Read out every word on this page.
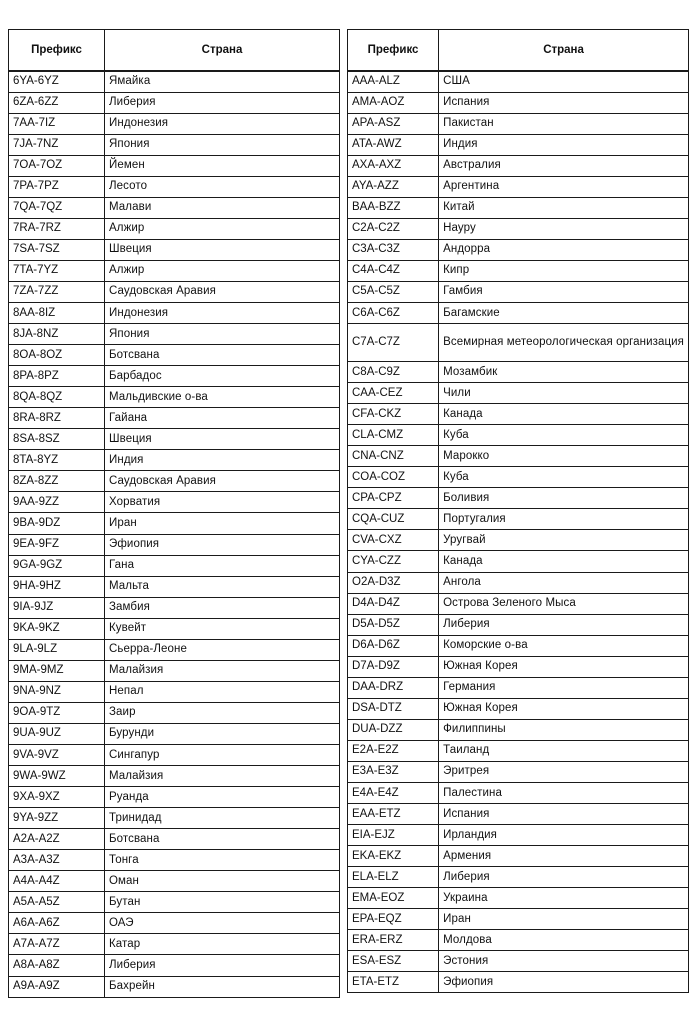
Префикс	Страна
6YA-6YZ	Ямайка
6ZA-6ZZ	Либерия
7AA-7IZ	Индонезия
7JA-7NZ	Япония
7OA-7OZ	Йемен
7PA-7PZ	Лесото
7QA-7QZ	Малави
7RA-7RZ	Алжир
7SA-7SZ	Швеция
7TA-7YZ	Алжир
7ZA-7ZZ	Саудовская Аравия
8AA-8IZ	Индонезия
8JA-8NZ	Япония
8OA-8OZ	Ботсвана
8PA-8PZ	Барбадос
8QA-8QZ	Мальдивские о-ва
8RA-8RZ	Гайана
8SA-8SZ	Швеция
8TA-8YZ	Индия
8ZA-8ZZ	Саудовская Аравия
9AA-9ZZ	Хорватия
9BA-9DZ	Иран
9EA-9FZ	Эфиопия
9GA-9GZ	Гана
9HA-9HZ	Мальта
9IA-9JZ	Замбия
9KA-9KZ	Кувейт
9LA-9LZ	Сьерра-Леоне
9MA-9MZ	Малайзия
9NA-9NZ	Непал
9OA-9TZ	Заир
9UA-9UZ	Бурунди
9VA-9VZ	Сингапур
9WA-9WZ	Малайзия
9XA-9XZ	Руанда
9YA-9ZZ	Тринидад
A2A-A2Z	Ботсвана
A3A-A3Z	Тонга
A4A-A4Z	Оман
A5A-A5Z	Бутан
A6A-A6Z	ОАЭ
A7A-A7Z	Катар
A8A-A8Z	Либерия
A9A-A9Z	Бахрейн
Префикс	Страна
AAA-ALZ	США
AMA-AOZ	Испания
APA-ASZ	Пакистан
ATA-AWZ	Индия
AXA-AXZ	Австралия
AYA-AZZ	Аргентина
BAA-BZZ	Китай
C2A-C2Z	Науру
C3A-C3Z	Андорра
C4A-C4Z	Кипр
C5A-C5Z	Гамбия
C6A-C6Z	Багамские
C7A-C7Z	Всемирная метеорологическая организация
C8A-C9Z	Мозамбик
CAA-CEZ	Чили
CFA-CKZ	Канада
CLA-CMZ	Куба
CNA-CNZ	Марокко
COA-COZ	Куба
CPA-CPZ	Боливия
CQA-CUZ	Португалия
CVA-CXZ	Уругвай
CYA-CZZ	Канада
O2A-D3Z	Ангола
D4A-D4Z	Острова Зеленого Мыса
D5A-D5Z	Либерия
D6A-D6Z	Коморские о-ва
D7A-D9Z	Южная Корея
DAA-DRZ	Германия
DSA-DTZ	Южная Корея
DUA-DZZ	Филиппины
E2A-E2Z	Таиланд
E3A-E3Z	Эритрея
E4A-E4Z	Палестина
EAA-ETZ	Испания
EIA-EJZ	Ирландия
EKA-EKZ	Армения
ELA-ELZ	Либерия
EMA-EOZ	Украина
EPA-EQZ	Иран
ERA-ERZ	Молдова
ESA-ESZ	Эстония
ETA-ETZ	Эфиопия
